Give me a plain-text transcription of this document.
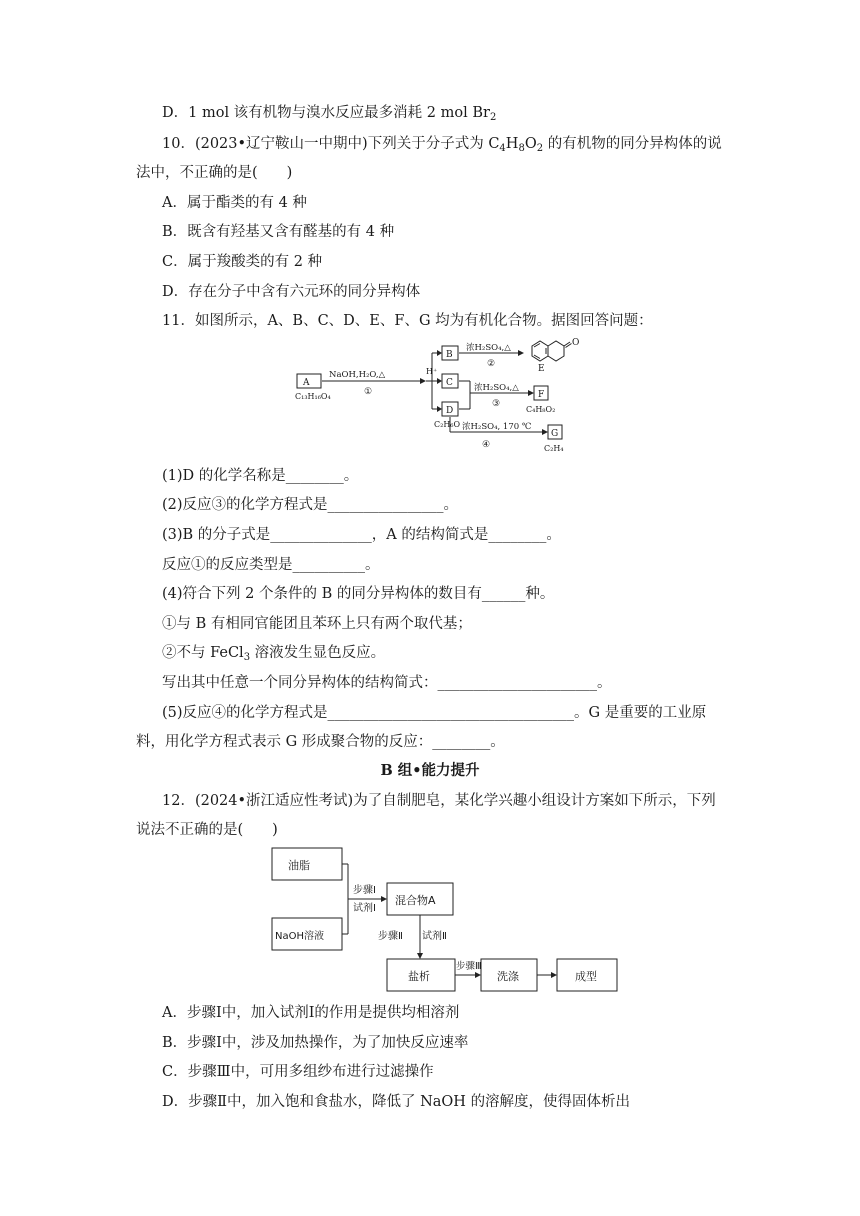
D．1 mol 该有机物与溴水反应最多消耗 2 mol $Br_2$
10．(2023•辽宁鞍山一中期中)下列关于分子式为 $C_4H_8O_2$ 的有机物的同分异构体的说
法中，不正确的是(　　)
A．属于酯类的有 4 种
B．既含有羟基又含有醛基的有 4 种
C．属于羧酸类的有 2 种
D．存在分子中含有六元环的同分异构体
11．如图所示，A、B、C、D、E、F、G 均为有机化合物。据图回答问题：
A
C₁₃H₁₆O₄
NaOH,H₂O,△
①
H⁺
B
C
D
C₂H₆O
浓H₂SO₄,△
②	E
O
浓H₂SO₄,△
③
F
C₄H₈O₂
浓H₂SO₄, 170 ℃
④
G
C₂H₄
(1)D 的化学名称是________。
(2)反应③的化学方程式是________________。
(3)B 的分子式是______________，A 的结构简式是________。
反应①的反应类型是__________。
(4)符合下列 2 个条件的 B 的同分异构体的数目有______种。
①与 B 有相同官能团且苯环上只有两个取代基；
②不与 FeCl$_3$ 溶液发生显色反应。
写出其中任意一个同分异构体的结构简式：______________________。
(5)反应④的化学方程式是__________________________________。G 是重要的工业原
料，用化学方程式表示 G 形成聚合物的反应：________。
B 组•能力提升
12．(2024•浙江适应性考试)为了自制肥皂，某化学兴趣小组设计方案如下所示，下列
说法不正确的是(　　)
油脂
NaOH溶液
步骤Ⅰ
试剂Ⅰ
混合物A
步骤Ⅱ 试剂Ⅱ
盐析
步骤Ⅲ
洗涤	成型
A．步骤Ⅰ中，加入试剂Ⅰ的作用是提供均相溶剂
B．步骤Ⅰ中，涉及加热操作，为了加快反应速率
C．步骤Ⅲ中，可用多组纱布进行过滤操作
D．步骤Ⅱ中，加入饱和食盐水，降低了 NaOH 的溶解度，使得固体析出
